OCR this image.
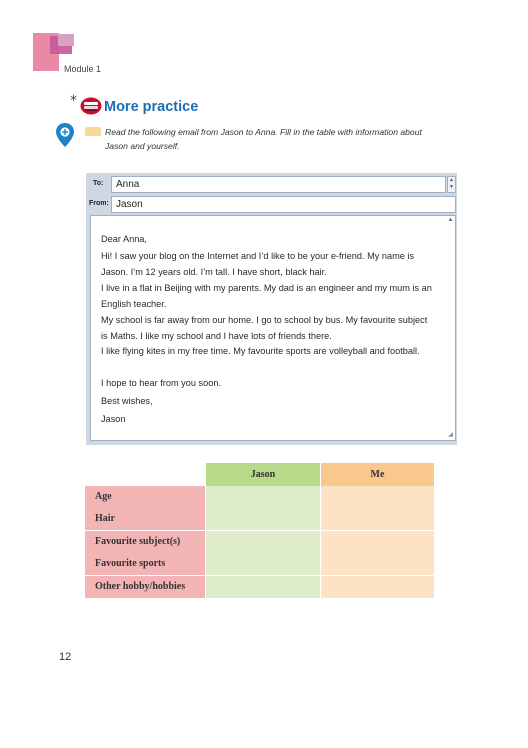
Module 1
* More practice
Read the following email from Jason to Anna. Fill in the table with information about Jason and yourself.
To:	Anna	▲
▼
From: Jason
▲
◢
Dear Anna,
Hi! I saw your blog on the Internet and I’d like to be your e-friend. My name is Jason. I’m 12 years old. I’m tall. I have short, black hair.
I live in a flat in Beijing with my parents. My dad is an engineer and my mum is an English teacher.
My school is far away from our home. I go to school by bus. My favourite subject is Maths. I like my school and I have lots of friends there.
I like flying kites in my free time. My favourite sports are volleyball and football.
I hope to hear from you soon.
Best wishes,
Jason
Jason	Me
Age
Hair
Favourite subject(s)
Favourite sports
Other hobby/hobbies
12
